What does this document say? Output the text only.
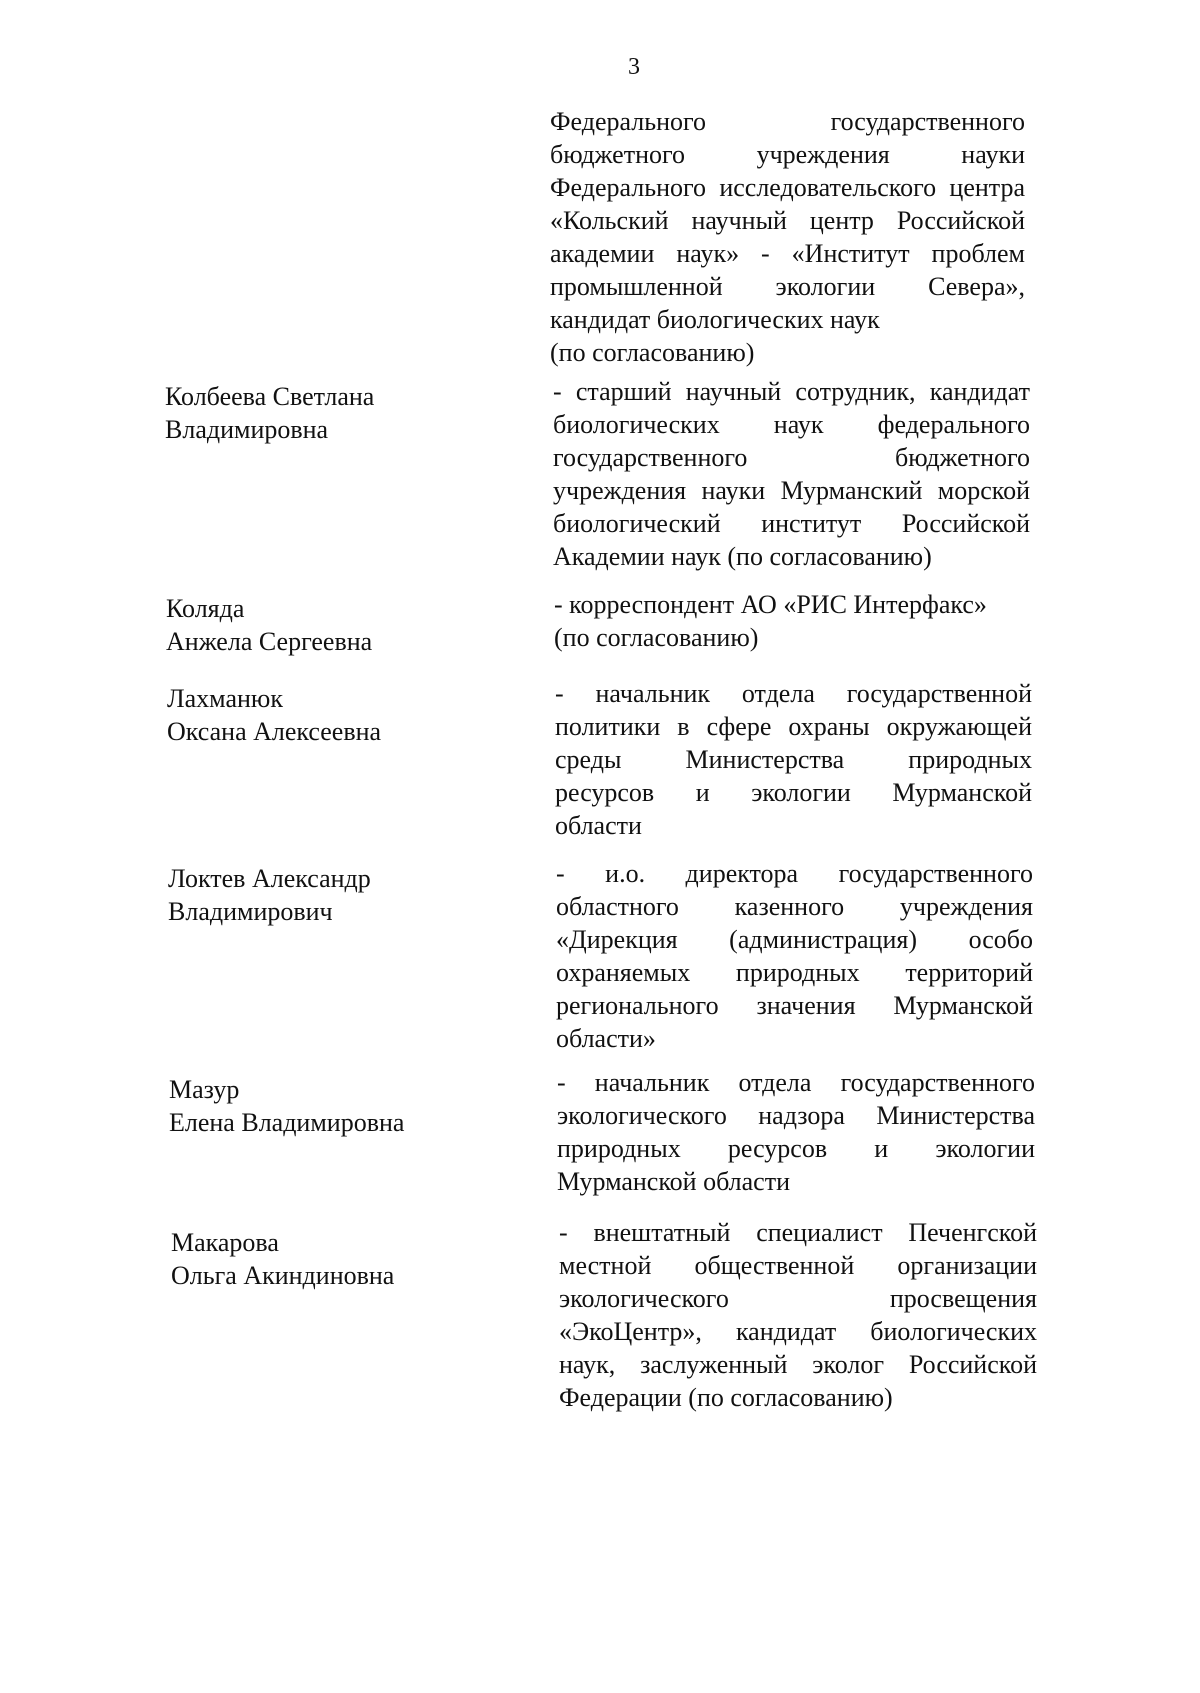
3
Федерального государственного
бюджетного учреждения науки
Федерального исследовательского центра
«Кольский научный центр Российской
академии наук» - «Институт проблем
промышленной экологии Севера»,
кандидат биологических наук
(по согласованию)
Колбеева Светлана
Владимировна
- старший научный сотрудник, кандидат
биологических наук федерального
государственного бюджетного
учреждения науки Мурманский морской
биологический институт Российской
Академии наук (по согласованию)
Коляда
Анжела Сергеевна
- корреспондент АО «РИС Интерфакс»
(по согласованию)
Лахманюк
Оксана Алексеевна
- начальник отдела государственной
политики в сфере охраны окружающей
среды Министерства природных
ресурсов и экологии Мурманской
области
Локтев Александр
Владимирович
- и.о. директора государственного
областного казенного учреждения
«Дирекция (администрация) особо
охраняемых природных территорий
регионального значения Мурманской
области»
Мазур
Елена Владимировна
- начальник отдела государственного
экологического надзора Министерства
природных ресурсов и экологии
Мурманской области
Макарова
Ольга Акиндиновна
- внештатный специалист Печенгской
местной общественной организации
экологического просвещения
«ЭкоЦентр», кандидат биологических
наук, заслуженный эколог Российской
Федерации (по согласованию)
